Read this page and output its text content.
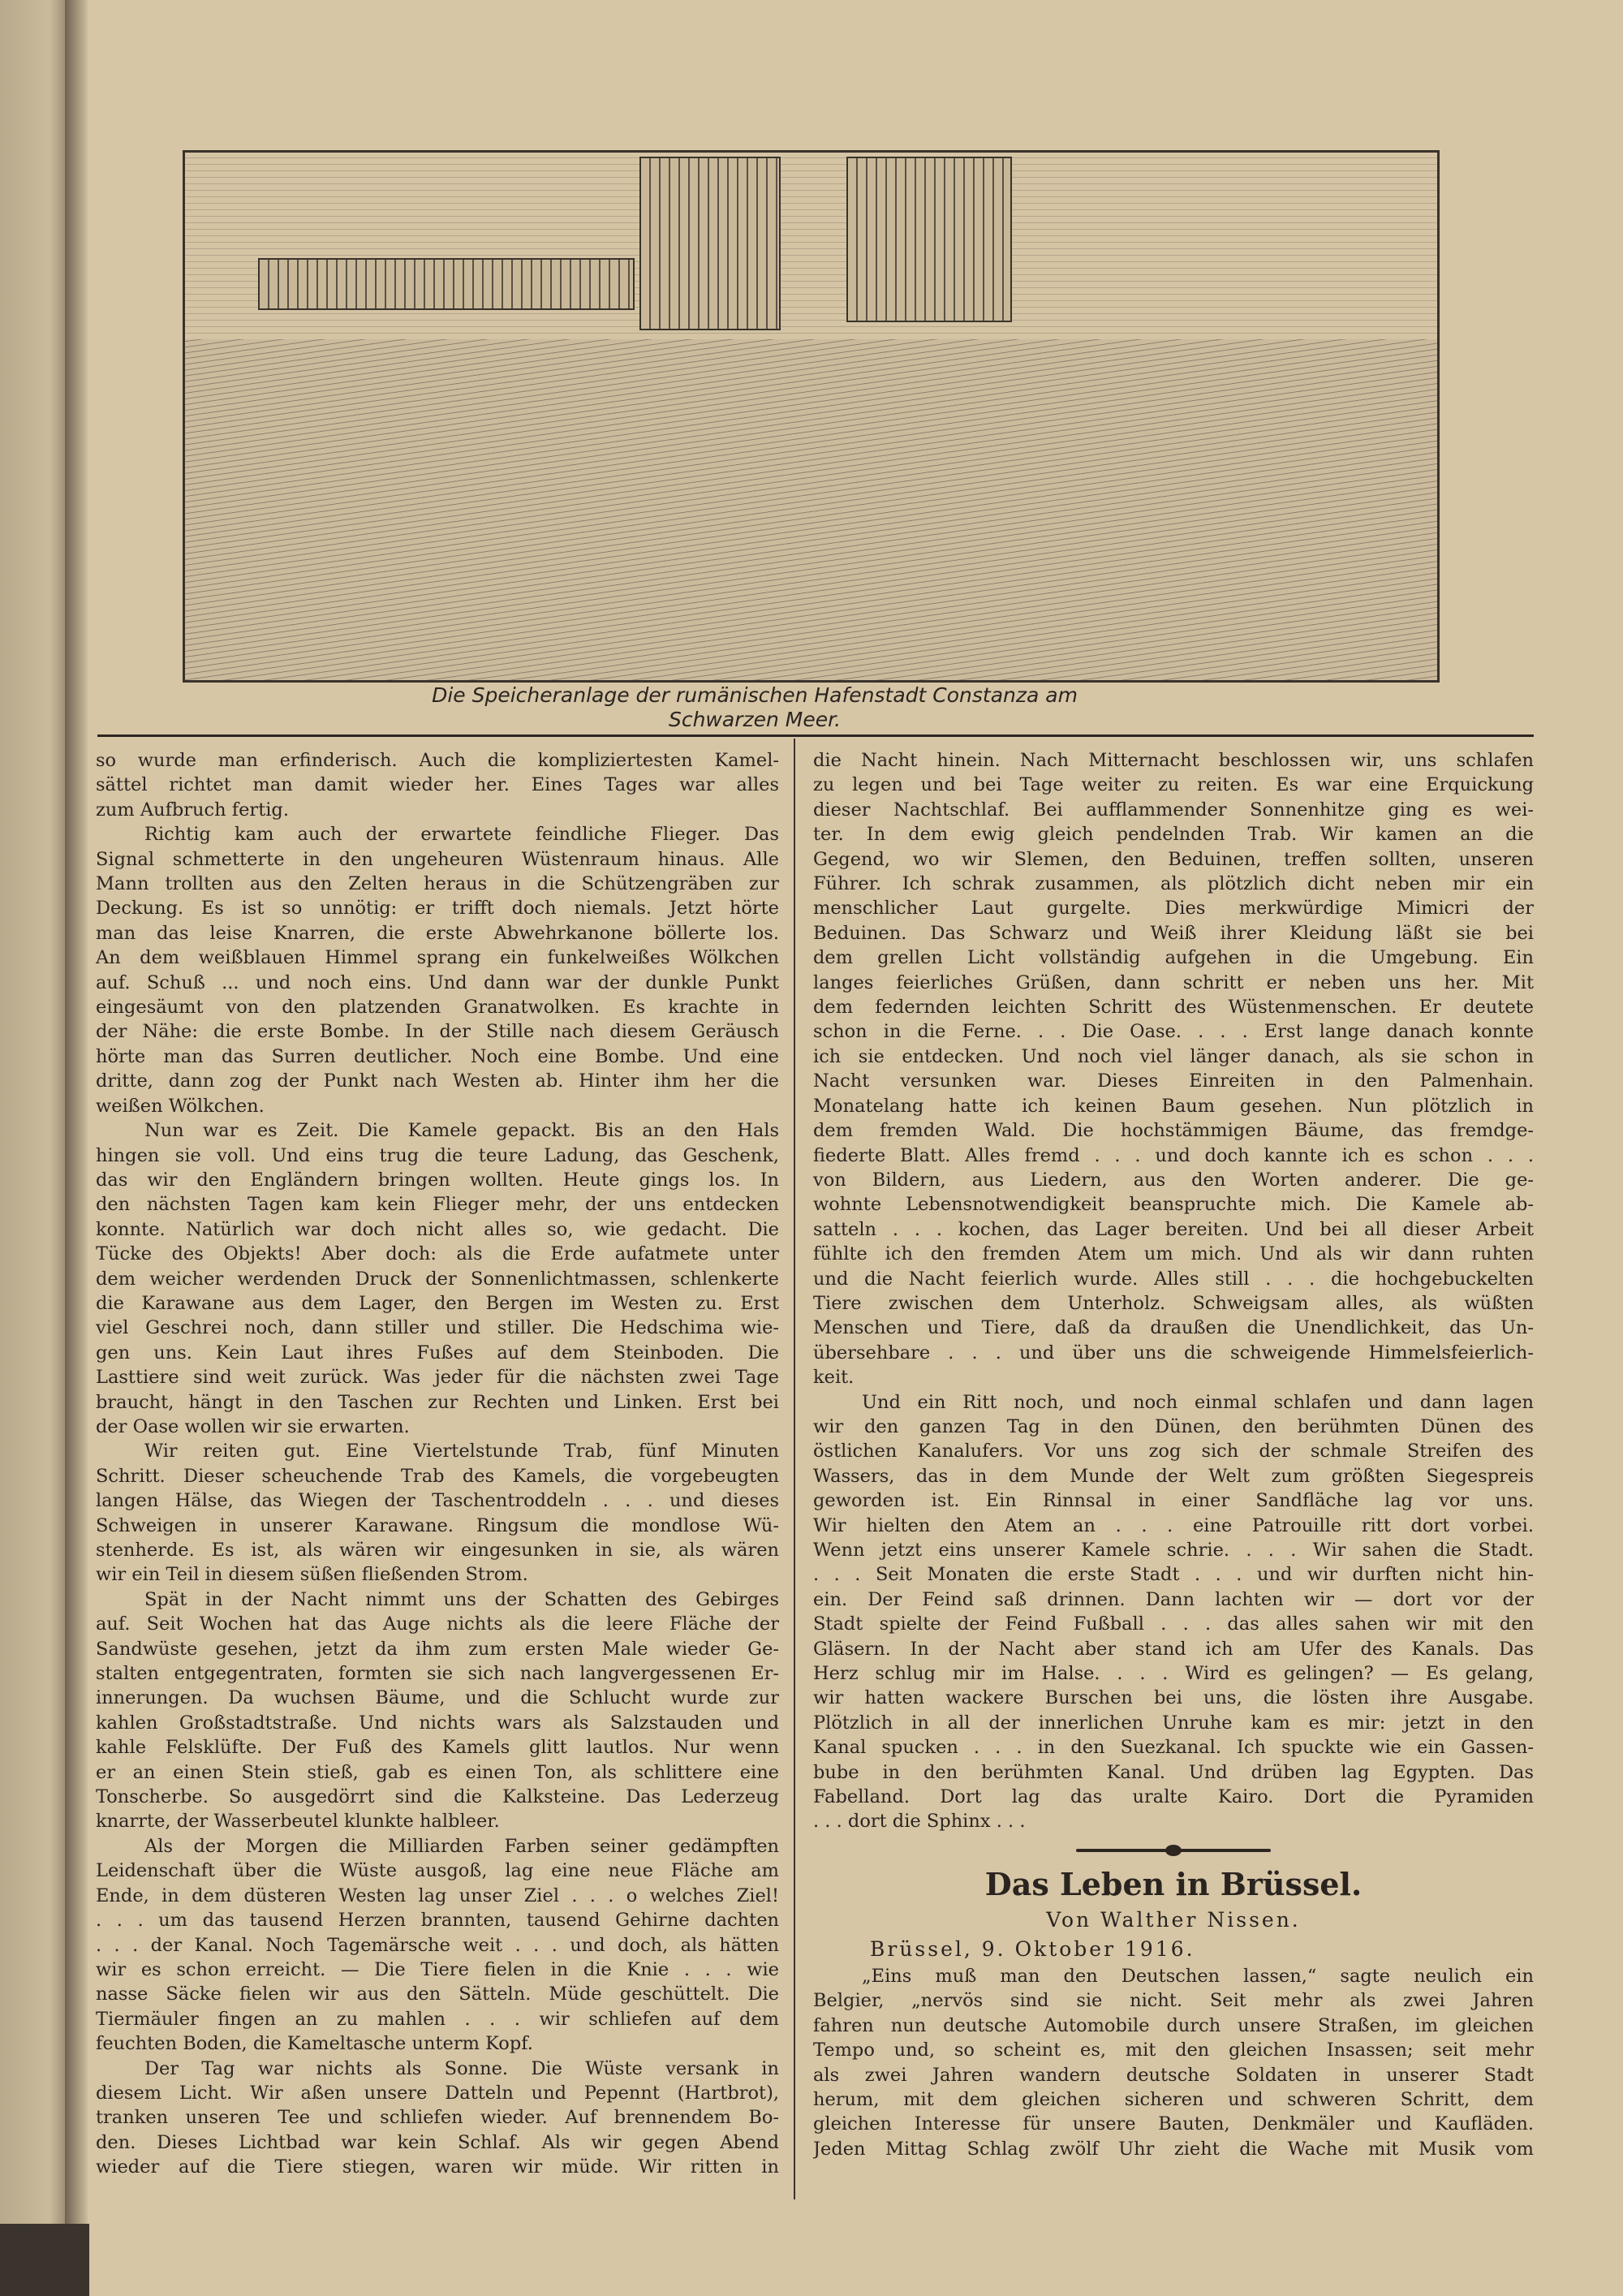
Die Speicheranlage der rumänischen Hafenstadt Constanza am
Schwarzen Meer.
so wurde man erfinderisch. Auch die kompliziertesten Kamel-
sättel richtet man damit wieder her. Eines Tages war alles
zum Aufbruch fertig.
Richtig kam auch der erwartete feindliche Flieger. Das
Signal schmetterte in den ungeheuren Wüstenraum hinaus. Alle
Mann trollten aus den Zelten heraus in die Schützengräben zur
Deckung. Es ist so unnötig: er trifft doch niemals. Jetzt hörte
man das leise Knarren, die erste Abwehrkanone böllerte los.
An dem weißblauen Himmel sprang ein funkelweißes Wölkchen
auf. Schuß ... und noch eins. Und dann war der dunkle Punkt
eingesäumt von den platzenden Granatwolken. Es krachte in
der Nähe: die erste Bombe. In der Stille nach diesem Geräusch
hörte man das Surren deutlicher. Noch eine Bombe. Und eine
dritte, dann zog der Punkt nach Westen ab. Hinter ihm her die
weißen Wölkchen.
Nun war es Zeit. Die Kamele gepackt. Bis an den Hals
hingen sie voll. Und eins trug die teure Ladung, das Geschenk,
das wir den Engländern bringen wollten. Heute gings los. In
den nächsten Tagen kam kein Flieger mehr, der uns entdecken
konnte. Natürlich war doch nicht alles so, wie gedacht. Die
Tücke des Objekts! Aber doch: als die Erde aufatmete unter
dem weicher werdenden Druck der Sonnenlichtmassen, schlenkerte
die Karawane aus dem Lager, den Bergen im Westen zu. Erst
viel Geschrei noch, dann stiller und stiller. Die Hedschima wie-
gen uns. Kein Laut ihres Fußes auf dem Steinboden. Die
Lasttiere sind weit zurück. Was jeder für die nächsten zwei Tage
braucht, hängt in den Taschen zur Rechten und Linken. Erst bei
der Oase wollen wir sie erwarten.
Wir reiten gut. Eine Viertelstunde Trab, fünf Minuten
Schritt. Dieser scheuchende Trab des Kamels, die vorgebeugten
langen Hälse, das Wiegen der Taschentroddeln . . . und dieses
Schweigen in unserer Karawane. Ringsum die mondlose Wü-
stenherde. Es ist, als wären wir eingesunken in sie, als wären
wir ein Teil in diesem süßen fließenden Strom.
Spät in der Nacht nimmt uns der Schatten des Gebirges
auf. Seit Wochen hat das Auge nichts als die leere Fläche der
Sandwüste gesehen, jetzt da ihm zum ersten Male wieder Ge-
stalten entgegentraten, formten sie sich nach langvergessenen Er-
innerungen. Da wuchsen Bäume, und die Schlucht wurde zur
kahlen Großstadtstraße. Und nichts wars als Salzstauden und
kahle Felsklüfte. Der Fuß des Kamels glitt lautlos. Nur wenn
er an einen Stein stieß, gab es einen Ton, als schlittere eine
Tonscherbe. So ausgedörrt sind die Kalksteine. Das Lederzeug
knarrte, der Wasserbeutel klunkte halbleer.
Als der Morgen die Milliarden Farben seiner gedämpften
Leidenschaft über die Wüste ausgoß, lag eine neue Fläche am
Ende, in dem düsteren Westen lag unser Ziel . . . o welches Ziel!
. . . um das tausend Herzen brannten, tausend Gehirne dachten
. . . der Kanal. Noch Tagemärsche weit . . . und doch, als hätten
wir es schon erreicht. — Die Tiere fielen in die Knie . . . wie
nasse Säcke fielen wir aus den Sätteln. Müde geschüttelt. Die
Tiermäuler fingen an zu mahlen . . . wir schliefen auf dem
feuchten Boden, die Kameltasche unterm Kopf.
Der Tag war nichts als Sonne. Die Wüste versank in
diesem Licht. Wir aßen unsere Datteln und Pepennt (Hartbrot),
tranken unseren Tee und schliefen wieder. Auf brennendem Bo-
den. Dieses Lichtbad war kein Schlaf. Als wir gegen Abend
wieder auf die Tiere stiegen, waren wir müde. Wir ritten in
die Nacht hinein. Nach Mitternacht beschlossen wir, uns schlafen
zu legen und bei Tage weiter zu reiten. Es war eine Erquickung
dieser Nachtschlaf. Bei aufflammender Sonnenhitze ging es wei-
ter. In dem ewig gleich pendelnden Trab. Wir kamen an die
Gegend, wo wir Slemen, den Beduinen, treffen sollten, unseren
Führer. Ich schrak zusammen, als plötzlich dicht neben mir ein
menschlicher Laut gurgelte. Dies merkwürdige Mimicri der
Beduinen. Das Schwarz und Weiß ihrer Kleidung läßt sie bei
dem grellen Licht vollständig aufgehen in die Umgebung. Ein
langes feierliches Grüßen, dann schritt er neben uns her. Mit
dem federnden leichten Schritt des Wüstenmenschen. Er deutete
schon in die Ferne. . . Die Oase. . . . Erst lange danach konnte
ich sie entdecken. Und noch viel länger danach, als sie schon in
Nacht versunken war. Dieses Einreiten in den Palmenhain.
Monatelang hatte ich keinen Baum gesehen. Nun plötzlich in
dem fremden Wald. Die hochstämmigen Bäume, das fremdge-
fiederte Blatt. Alles fremd . . . und doch kannte ich es schon . . .
von Bildern, aus Liedern, aus den Worten anderer. Die ge-
wohnte Lebensnotwendigkeit beanspruchte mich. Die Kamele ab-
satteln . . . kochen, das Lager bereiten. Und bei all dieser Arbeit
fühlte ich den fremden Atem um mich. Und als wir dann ruhten
und die Nacht feierlich wurde. Alles still . . . die hochgebuckelten
Tiere zwischen dem Unterholz. Schweigsam alles, als wüßten
Menschen und Tiere, daß da draußen die Unendlichkeit, das Un-
übersehbare . . . und über uns die schweigende Himmelsfeierlich-
keit.
Und ein Ritt noch, und noch einmal schlafen und dann lagen
wir den ganzen Tag in den Dünen, den berühmten Dünen des
östlichen Kanalufers. Vor uns zog sich der schmale Streifen des
Wassers, das in dem Munde der Welt zum größten Siegespreis
geworden ist. Ein Rinnsal in einer Sandfläche lag vor uns.
Wir hielten den Atem an . . . eine Patrouille ritt dort vorbei.
Wenn jetzt eins unserer Kamele schrie. . . . Wir sahen die Stadt.
. . . Seit Monaten die erste Stadt . . . und wir durften nicht hin-
ein. Der Feind saß drinnen. Dann lachten wir — dort vor der
Stadt spielte der Feind Fußball . . . das alles sahen wir mit den
Gläsern. In der Nacht aber stand ich am Ufer des Kanals. Das
Herz schlug mir im Halse. . . . Wird es gelingen? — Es gelang,
wir hatten wackere Burschen bei uns, die lösten ihre Ausgabe.
Plötzlich in all der innerlichen Unruhe kam es mir: jetzt in den
Kanal spucken . . . in den Suezkanal. Ich spuckte wie ein Gassen-
bube in den berühmten Kanal. Und drüben lag Egypten. Das
Fabelland. Dort lag das uralte Kairo. Dort die Pyramiden
. . . dort die Sphinx . . .
Das Leben in Brüssel.
Von Walther Nissen.
Brüssel, 9. Oktober 1916.
„Eins muß man den Deutschen lassen,“ sagte neulich ein
Belgier, „nervös sind sie nicht. Seit mehr als zwei Jahren
fahren nun deutsche Automobile durch unsere Straßen, im gleichen
Tempo und, so scheint es, mit den gleichen Insassen; seit mehr
als zwei Jahren wandern deutsche Soldaten in unserer Stadt
herum, mit dem gleichen sicheren und schweren Schritt, dem
gleichen Interesse für unsere Bauten, Denkmäler und Kaufläden.
Jeden Mittag Schlag zwölf Uhr zieht die Wache mit Musik vom
